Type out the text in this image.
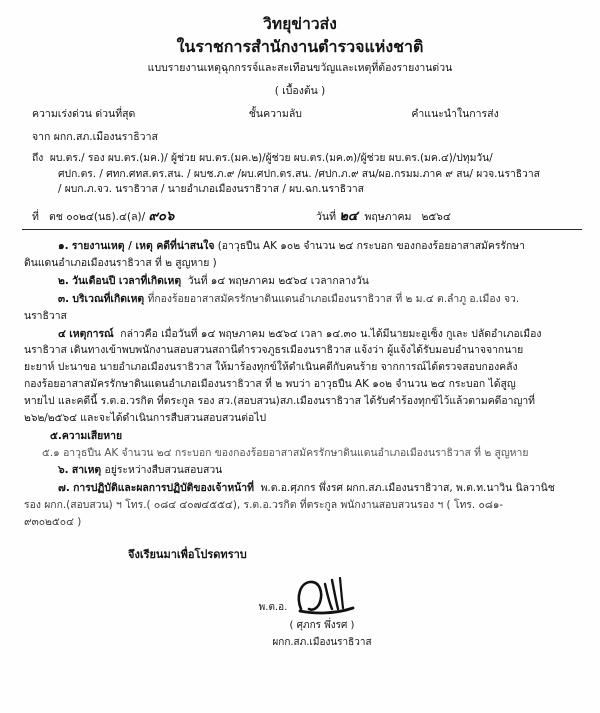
วิทยุข่าวส่ง
ในราชการสำนักงานตำรวจแห่งชาติ
แบบรายงานเหตุฉุกกรรจ์และสะเทือนขวัญและเหตุที่ต้องรายงานด่วน
( เบื้องต้น )
ความเร่งด่วน ด่วนที่สุด	ชั้นความลับ	คำแนะนำในการส่ง
จาก ผกก.สภ.เมืองนราธิวาส
ถึง ผบ.ตร./ รอง ผบ.ตร.(มค.)/ ผู้ช่วย ผบ.ตร.(มค.๒)/ผู้ช่วย ผบ.ตร.(มค.๓)/ผู้ช่วย ผบ.ตร.(มค.๔)/ปทุมวัน/
ศปก.ตร. / ศทก.ศทส.ตร.สน. / ผบช.ภ.๙ /ผบ.ศปก.ตร.สน. /ศปก.ภ.๙ สน/ผอ.กรมม.ภาค ๙ สน/ ผวจ.นราธิวาส
/ ผบก.ภ.จว. นราธิวาส / นายอำเภอเมืองนราธิวาส / ผบ.ฉก.นราธิวาส
ที่ ตช ๐๐๒๔(นธ).๔(ล)/ ๙๐๖	วันที่ ๒๔ พฤษภาคม ๒๕๖๔

๑. รายงานเหตุ / เหตุ คดีที่น่าสนใจ (อาวุธปืน AK ๑๐๒ จำนวน ๒๔ กระบอก ของกองร้อยอาสาสมัครรักษา

ดินแดนอำเภอเมืองนราธิวาส ที่ ๒ สูญหาย )

๒. วันเดือนปี เวลาที่เกิดเหตุ วันที่ ๑๔ พฤษภาคม ๒๕๖๔ เวลากลางวัน

๓. บริเวณที่เกิดเหตุ ที่กองร้อยอาสาสมัครรักษาดินแดนอำเภอเมืองนราธิวาส ที่ ๒ ม.๔ ต.ลำภู อ.เมือง จว.

นราธิวาส

๔ เหตุการณ์ กล่าวคือ เมื่อวันที่ ๑๔ พฤษภาคม ๒๕๖๔ เวลา ๑๔.๓๐ น.ได้มีนายมะอูเซ็ง กูเละ ปลัดอำเภอเมือง

นราธิวาส เดินทางเข้าพบพนักงานสอบสวนสถานีตำรวจภูธรเมืองนราธิวาส แจ้งว่า ผู้แจ้งได้รับมอบอำนาจจากนาย

ยะยาห์ ปะนาขอ นายอำเภอเมืองนราธิวาส ให้มาร้องทุกข์ให้ดำเนินคดีกับคนร้าย จากการณ์ได้ตรวจสอบกองคลัง

กองร้อยอาสาสมัครรักษาดินแดนอำเภอเมืองนราธิวาส ที่ ๒ พบว่า อาวุธปืน AK ๑๐๒ จำนวน ๒๔ กระบอก ได้สูญ

หายไป และคดีนี้ ร.ต.อ.วรกิต ที่ตระกูล รอง สว.(สอบสวน)สภ.เมืองนราธิวาส ได้รับคำร้องทุกข์ไว้แล้วตามคดีอาญาที่

๒๖๒/๒๕๖๔ และจะได้ดำเนินการสืบสวนสอบสวนต่อไป

๕.ความเสียหาย

๕.๑ อาวุธปืน AK จำนวน ๒๔ กระบอก ของกองร้อยอาสาสมัครรักษาดินแดนอำเภอเมืองนราธิวาส ที่ ๒ สูญหาย

๖. สาเหตุ อยู่ระหว่างสืบสวนสอบสวน

๗. การปฏิบัติและผลการปฏิบัติของเจ้าหน้าที่ พ.ต.อ.ศุภกร พึ่งรศ ผกก.สภ.เมืองนราธิวาส, พ.ต.ท.นาวิน นิลวานิช

รอง ผกก.(สอบสวน) ฯ โทร.( ๐๘๔ ๔๐๗๔๕๕๔), ร.ต.อ.วรกิต ที่ตระกูล พนักงานสอบสวนรอง ฯ ( โทร. ๐๘๑-

๙๓๐๒๕๐๔ )

จึงเรียนมาเพื่อโปรดทราบ
พ.ต.อ.
( ศุภกร พึ่งรศ )
ผกก.สภ.เมืองนราธิวาส
